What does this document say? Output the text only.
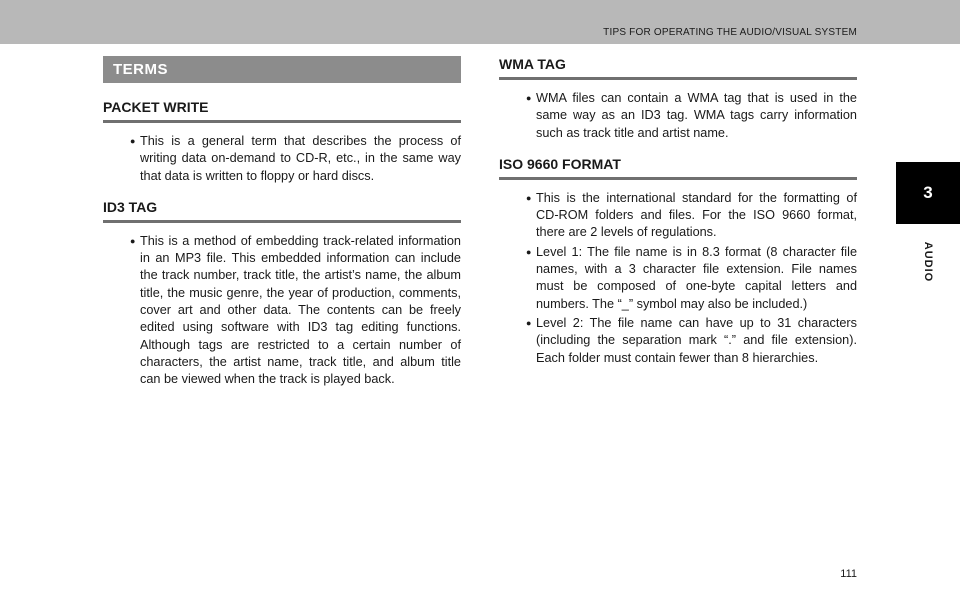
TIPS FOR OPERATING THE AUDIO/VISUAL SYSTEM
3
AUDIO
TERMS
PACKET WRITE
● This is a general term that describes the process of writing data on-demand to CD-R, etc., in the same way that data is written to floppy or hard discs.
ID3 TAG
● This is a method of embedding track-related information in an MP3 file. This embedded information can include the track number, track title, the artist’s name, the album title, the music genre, the year of production, comments, cover art and other data. The contents can be freely edited using software with ID3 tag editing functions. Although tags are restricted to a certain number of characters, the artist name, track title, and album title can be viewed when the track is played back.
WMA TAG
● WMA files can contain a WMA tag that is used in the same way as an ID3 tag. WMA tags carry information such as track title and artist name.
ISO 9660 FORMAT
● This is the international standard for the formatting of CD-ROM folders and files. For the ISO 9660 format, there are 2 levels of regulations.
● Level 1: The file name is in 8.3 format (8 character file names, with a 3 character file extension. File names must be composed of one-byte capital letters and numbers. The “_” symbol may also be included.)
● Level 2: The file name can have up to 31 characters (including the separation mark “.” and file extension). Each folder must contain fewer than 8 hierarchies.
111
